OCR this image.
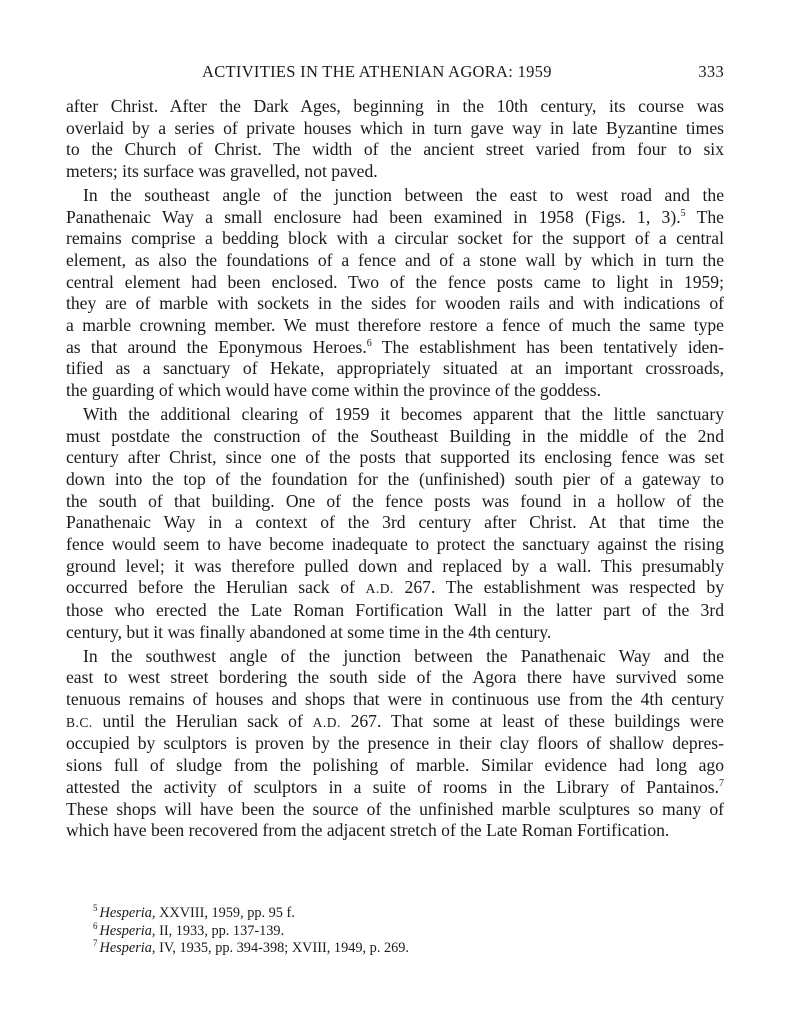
ACTIVITIES IN THE ATHENIAN AGORA: 1959	333
after Christ. After the Dark Ages, beginning in the 10th century, its course was
overlaid by a series of private houses which in turn gave way in late Byzantine times
to the Church of Christ. The width of the ancient street varied from four to six
meters; its surface was gravelled, not paved.
In the southeast angle of the junction between the east to west road and the
Panathenaic Way a small enclosure had been examined in 1958 (Figs. 1, 3).$^5$ The
remains comprise a bedding block with a circular socket for the support of a central
element, as also the foundations of a fence and of a stone wall by which in turn the
central element had been enclosed. Two of the fence posts came to light in 1959;
they are of marble with sockets in the sides for wooden rails and with indications of
a marble crowning member. We must therefore restore a fence of much the same type
as that around the Eponymous Heroes.$^6$ The establishment has been tentatively iden-
tified as a sanctuary of Hekate, appropriately situated at an important crossroads,
the guarding of which would have come within the province of the goddess.
With the additional clearing of 1959 it becomes apparent that the little sanctuary
must postdate the construction of the Southeast Building in the middle of the 2nd
century after Christ, since one of the posts that supported its enclosing fence was set
down into the top of the foundation for the (unfinished) south pier of a gateway to
the south of that building. One of the fence posts was found in a hollow of the
Panathenaic Way in a context of the 3rd century after Christ. At that time the
fence would seem to have become inadequate to protect the sanctuary against the rising
ground level; it was therefore pulled down and replaced by a wall. This presumably
occurred before the Herulian sack of A.D. 267. The establishment was respected by
those who erected the Late Roman Fortification Wall in the latter part of the 3rd
century, but it was finally abandoned at some time in the 4th century.
In the southwest angle of the junction between the Panathenaic Way and the
east to west street bordering the south side of the Agora there have survived some
tenuous remains of houses and shops that were in continuous use from the 4th century
B.C. until the Herulian sack of A.D. 267. That some at least of these buildings were
occupied by sculptors is proven by the presence in their clay floors of shallow depres-
sions full of sludge from the polishing of marble. Similar evidence had long ago
attested the activity of sculptors in a suite of rooms in the Library of Pantainos.$^7$
These shops will have been the source of the unfinished marble sculptures so many of
which have been recovered from the adjacent stretch of the Late Roman Fortification.

$^5$ Hesperia, XXVIII, 1959, pp. 95 f.

$^6$ Hesperia, II, 1933, pp. 137-139.

$^7$ Hesperia, IV, 1935, pp. 394-398; XVIII, 1949, p. 269.
